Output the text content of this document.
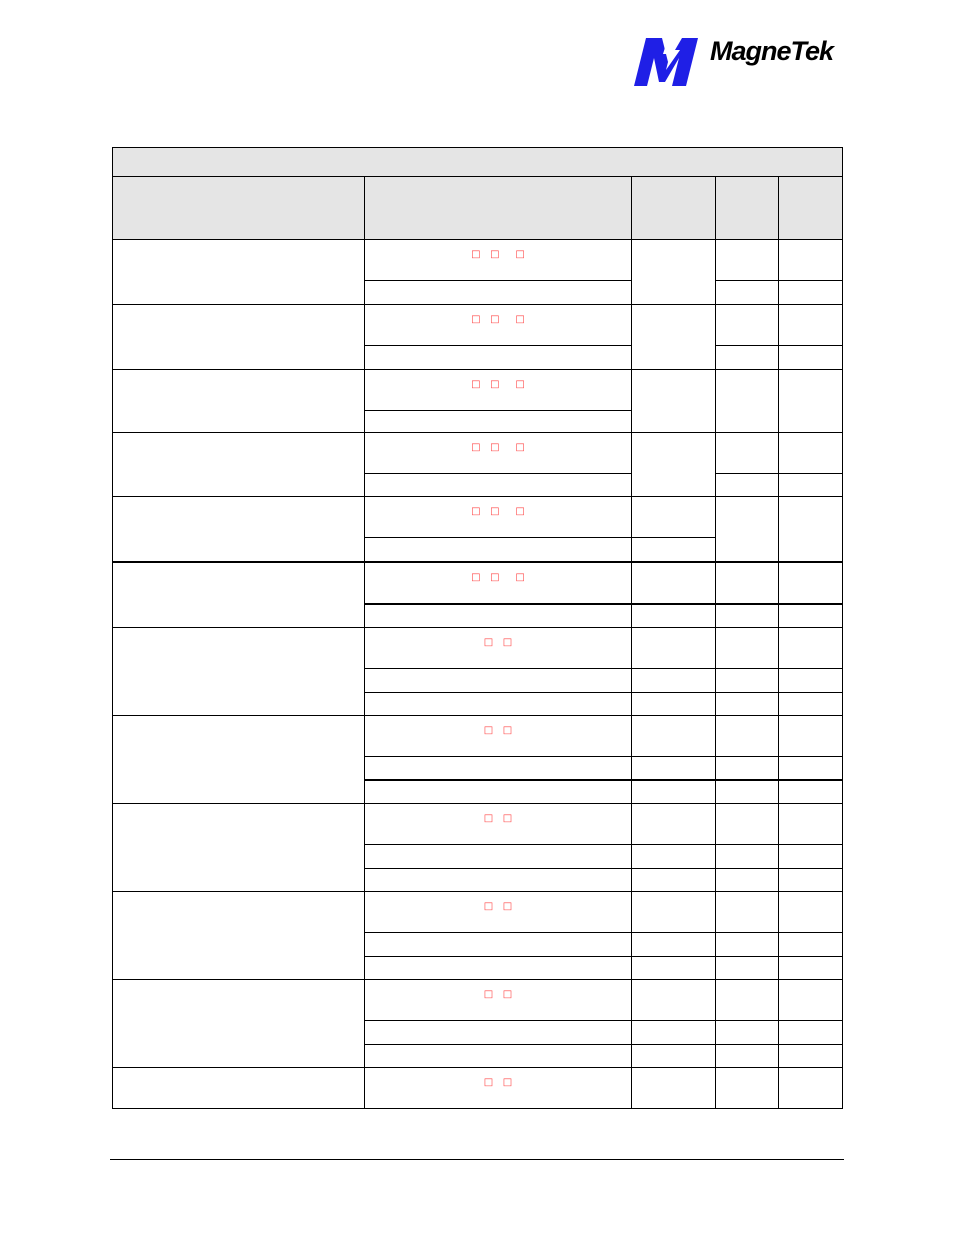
MagneTek

	□   □     □			

	□   □     □			

	□   □     □			

	□   □     □			

	□   □     □			

	□   □     □			

	□   □			

	□   □			

	□   □			

	□   □			

	□   □			

	□   □			
